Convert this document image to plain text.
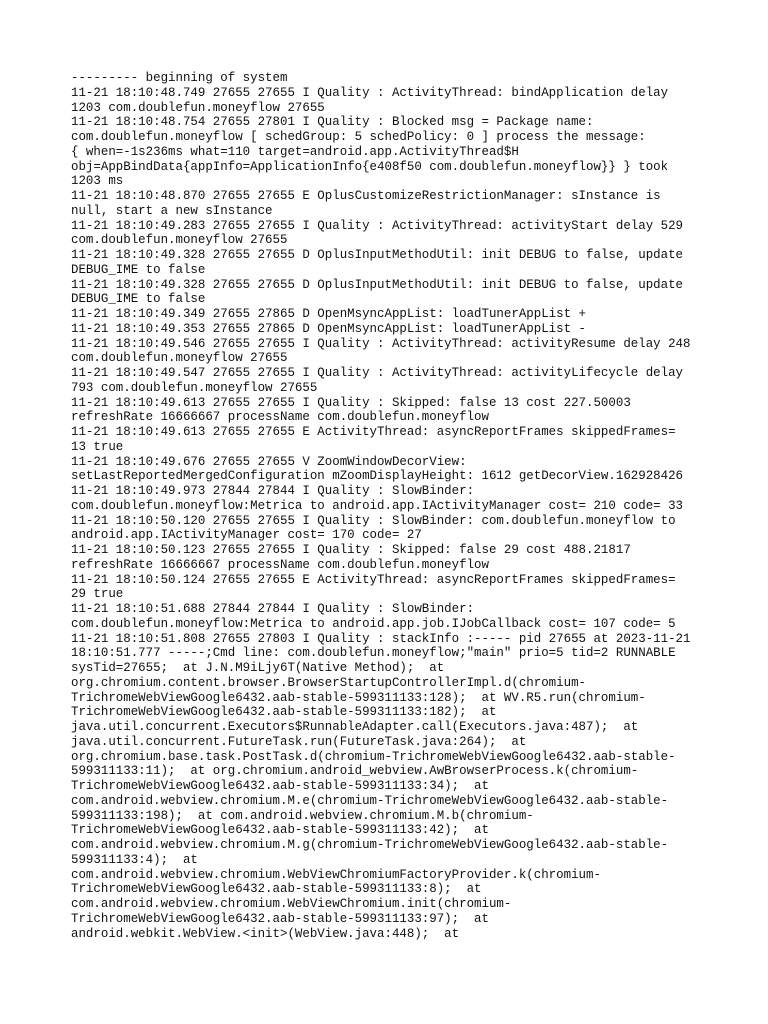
--------- beginning of system
11-21 18:10:48.749 27655 27655 I Quality : ActivityThread: bindApplication delay
1203 com.doublefun.moneyflow 27655
11-21 18:10:48.754 27655 27801 I Quality : Blocked msg = Package name:
com.doublefun.moneyflow [ schedGroup: 5 schedPolicy: 0 ] process the message:
{ when=-1s236ms what=110 target=android.app.ActivityThread$H
obj=AppBindData{appInfo=ApplicationInfo{e408f50 com.doublefun.moneyflow}} } took
1203 ms
11-21 18:10:48.870 27655 27655 E OplusCustomizeRestrictionManager: sInstance is
null, start a new sInstance
11-21 18:10:49.283 27655 27655 I Quality : ActivityThread: activityStart delay 529
com.doublefun.moneyflow 27655
11-21 18:10:49.328 27655 27655 D OplusInputMethodUtil: init DEBUG to false, update
DEBUG_IME to false
11-21 18:10:49.328 27655 27655 D OplusInputMethodUtil: init DEBUG to false, update
DEBUG_IME to false
11-21 18:10:49.349 27655 27865 D OpenMsyncAppList: loadTunerAppList +
11-21 18:10:49.353 27655 27865 D OpenMsyncAppList: loadTunerAppList -
11-21 18:10:49.546 27655 27655 I Quality : ActivityThread: activityResume delay 248
com.doublefun.moneyflow 27655
11-21 18:10:49.547 27655 27655 I Quality : ActivityThread: activityLifecycle delay
793 com.doublefun.moneyflow 27655
11-21 18:10:49.613 27655 27655 I Quality : Skipped: false 13 cost 227.50003
refreshRate 16666667 processName com.doublefun.moneyflow
11-21 18:10:49.613 27655 27655 E ActivityThread: asyncReportFrames skippedFrames=
13 true
11-21 18:10:49.676 27655 27655 V ZoomWindowDecorView:
setLastReportedMergedConfiguration mZoomDisplayHeight: 1612 getDecorView.162928426
11-21 18:10:49.973 27844 27844 I Quality : SlowBinder:
com.doublefun.moneyflow:Metrica to android.app.IActivityManager cost= 210 code= 33
11-21 18:10:50.120 27655 27655 I Quality : SlowBinder: com.doublefun.moneyflow to
android.app.IActivityManager cost= 170 code= 27
11-21 18:10:50.123 27655 27655 I Quality : Skipped: false 29 cost 488.21817
refreshRate 16666667 processName com.doublefun.moneyflow
11-21 18:10:50.124 27655 27655 E ActivityThread: asyncReportFrames skippedFrames=
29 true
11-21 18:10:51.688 27844 27844 I Quality : SlowBinder:
com.doublefun.moneyflow:Metrica to android.app.job.IJobCallback cost= 107 code= 5
11-21 18:10:51.808 27655 27803 I Quality : stackInfo :----- pid 27655 at 2023-11-21
18:10:51.777 -----;Cmd line: com.doublefun.moneyflow;"main" prio=5 tid=2 RUNNABLE
sysTid=27655;  at J.N.M9iLjy6T(Native Method);  at
org.chromium.content.browser.BrowserStartupControllerImpl.d(chromium-
TrichromeWebViewGoogle6432.aab-stable-599311133:128);  at WV.R5.run(chromium-
TrichromeWebViewGoogle6432.aab-stable-599311133:182);  at
java.util.concurrent.Executors$RunnableAdapter.call(Executors.java:487);  at
java.util.concurrent.FutureTask.run(FutureTask.java:264);  at
org.chromium.base.task.PostTask.d(chromium-TrichromeWebViewGoogle6432.aab-stable-
599311133:11);  at org.chromium.android_webview.AwBrowserProcess.k(chromium-
TrichromeWebViewGoogle6432.aab-stable-599311133:34);  at
com.android.webview.chromium.M.e(chromium-TrichromeWebViewGoogle6432.aab-stable-
599311133:198);  at com.android.webview.chromium.M.b(chromium-
TrichromeWebViewGoogle6432.aab-stable-599311133:42);  at
com.android.webview.chromium.M.g(chromium-TrichromeWebViewGoogle6432.aab-stable-
599311133:4);  at
com.android.webview.chromium.WebViewChromiumFactoryProvider.k(chromium-
TrichromeWebViewGoogle6432.aab-stable-599311133:8);  at
com.android.webview.chromium.WebViewChromium.init(chromium-
TrichromeWebViewGoogle6432.aab-stable-599311133:97);  at
android.webkit.WebView.<init>(WebView.java:448);  at
